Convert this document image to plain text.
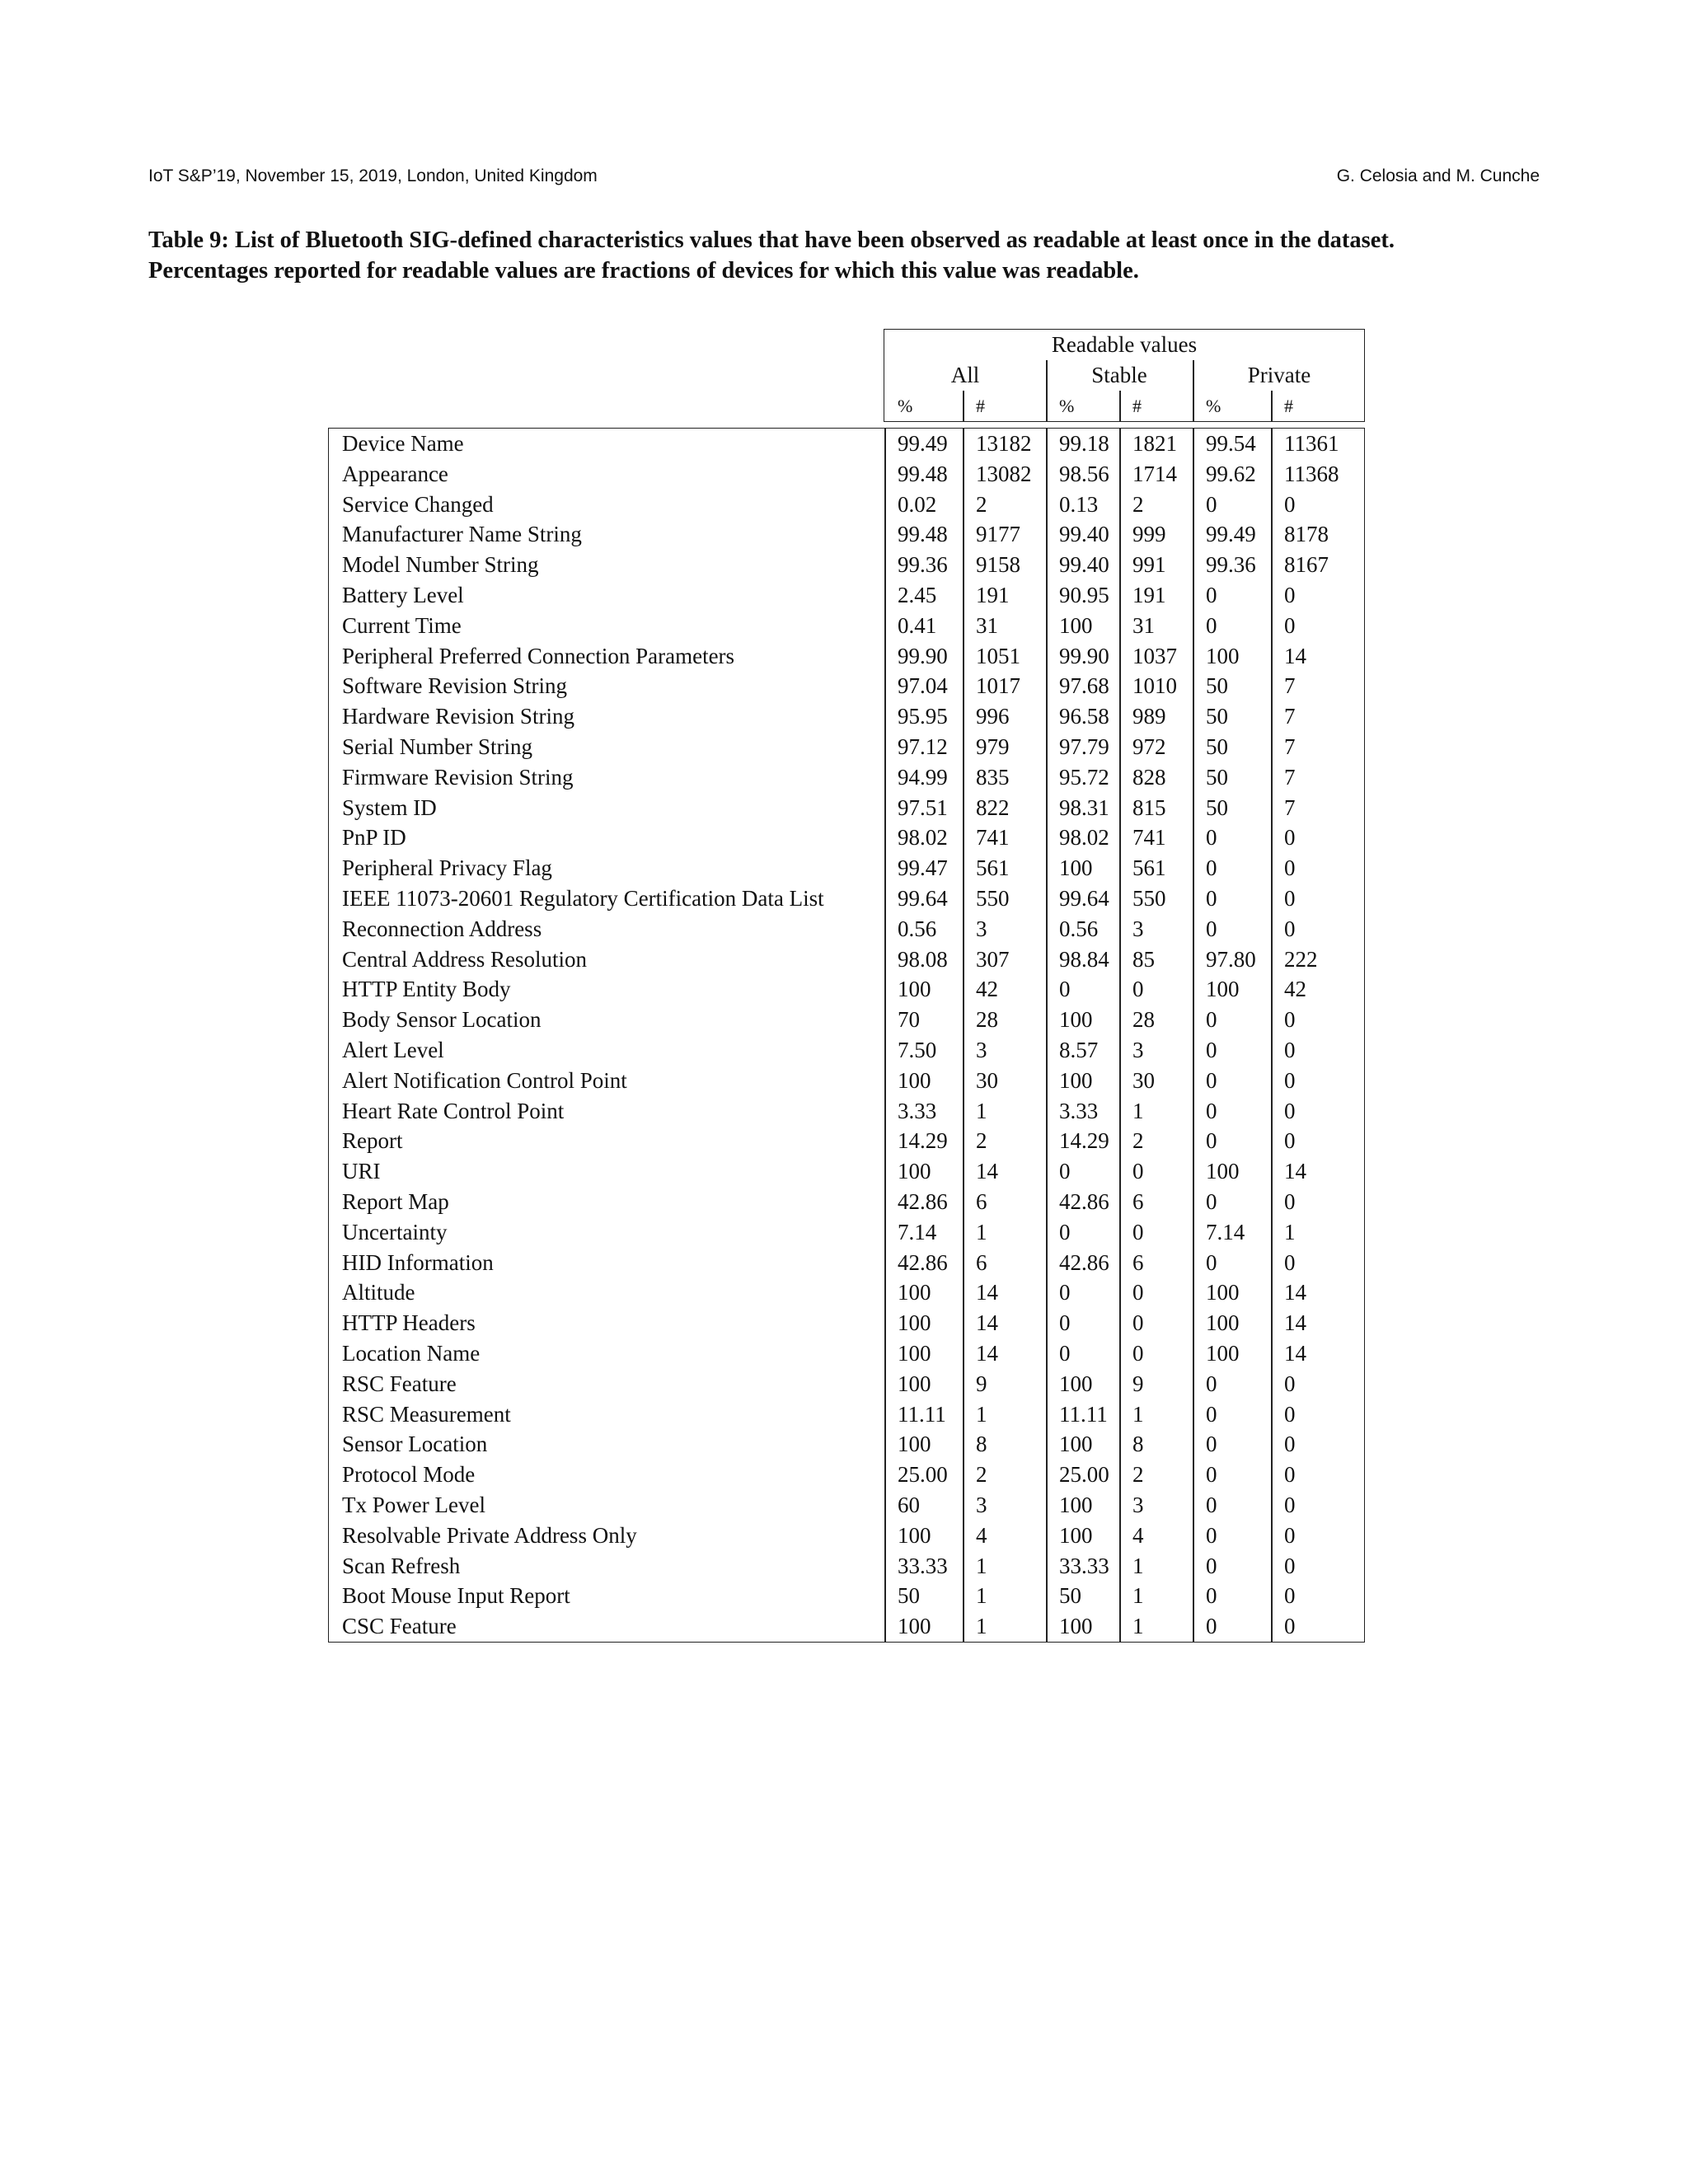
IoT S&P’19, November 15, 2019, London, United Kingdom	G. Celosia and M. Cunche
Table 9: List of Bluetooth SIG-defined characteristics values that have been observed as readable at least once in the dataset.
Percentages reported for readable values are fractions of devices for which this value was readable.
Readable values
All	Stable	Private
%	#	%	#	%	#
Device Name	99.49	13182	99.18	1821	99.54	11361
Appearance	99.48	13082	98.56	1714	99.62	11368
Service Changed	0.02	2	0.13	2	0	0
Manufacturer Name String	99.48	9177	99.40	999	99.49	8178
Model Number String	99.36	9158	99.40	991	99.36	8167
Battery Level	2.45	191	90.95	191	0	0
Current Time	0.41	31	100	31	0	0
Peripheral Preferred Connection Parameters	99.90	1051	99.90	1037	100	14
Software Revision String	97.04	1017	97.68	1010	50	7
Hardware Revision String	95.95	996	96.58	989	50	7
Serial Number String	97.12	979	97.79	972	50	7
Firmware Revision String	94.99	835	95.72	828	50	7
System ID	97.51	822	98.31	815	50	7
PnP ID	98.02	741	98.02	741	0	0
Peripheral Privacy Flag	99.47	561	100	561	0	0
IEEE 11073-20601 Regulatory Certification Data List	99.64	550	99.64	550	0	0
Reconnection Address	0.56	3	0.56	3	0	0
Central Address Resolution	98.08	307	98.84	85	97.80	222
HTTP Entity Body	100	42	0	0	100	42
Body Sensor Location	70	28	100	28	0	0
Alert Level	7.50	3	8.57	3	0	0
Alert Notification Control Point	100	30	100	30	0	0
Heart Rate Control Point	3.33	1	3.33	1	0	0
Report	14.29	2	14.29	2	0	0
URI	100	14	0	0	100	14
Report Map	42.86	6	42.86	6	0	0
Uncertainty	7.14	1	0	0	7.14	1
HID Information	42.86	6	42.86	6	0	0
Altitude	100	14	0	0	100	14
HTTP Headers	100	14	0	0	100	14
Location Name	100	14	0	0	100	14
RSC Feature	100	9	100	9	0	0
RSC Measurement	11.11	1	11.11	1	0	0
Sensor Location	100	8	100	8	0	0
Protocol Mode	25.00	2	25.00	2	0	0
Tx Power Level	60	3	100	3	0	0
Resolvable Private Address Only	100	4	100	4	0	0
Scan Refresh	33.33	1	33.33	1	0	0
Boot Mouse Input Report	50	1	50	1	0	0
CSC Feature	100	1	100	1	0	0
